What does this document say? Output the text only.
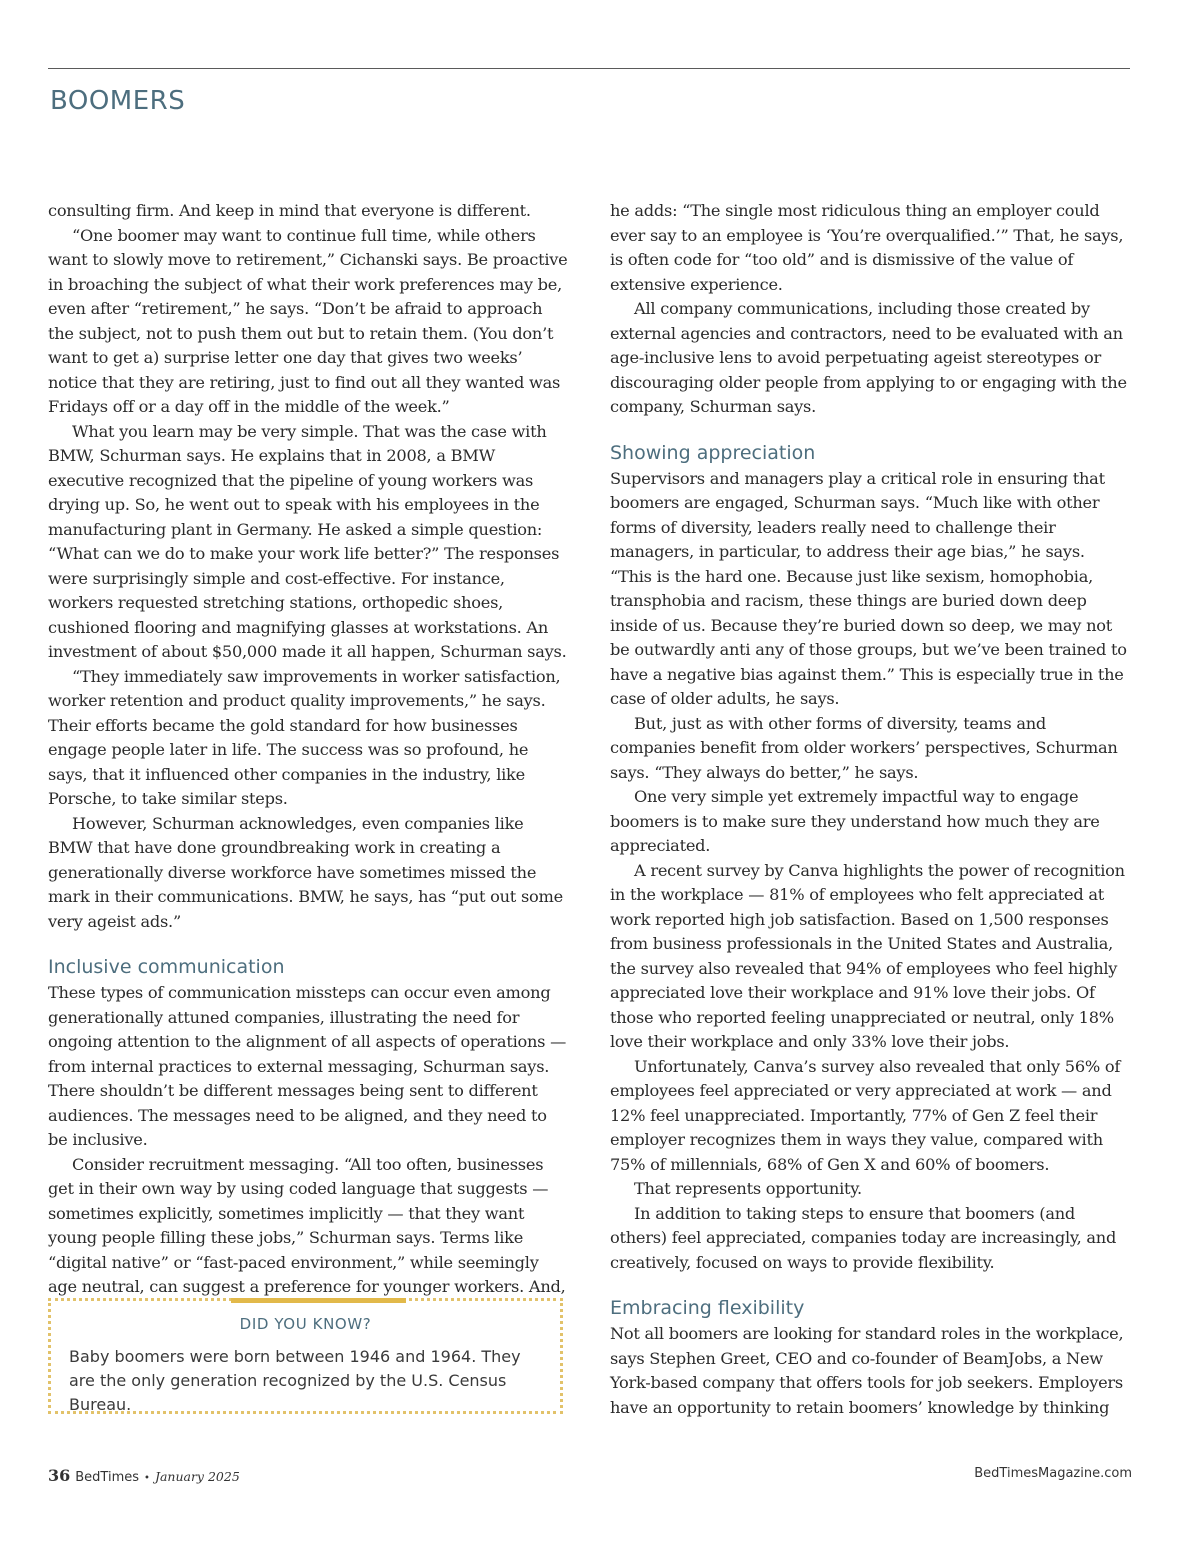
BOOMERS

consulting firm. And keep in mind that everyone is different.

“One boomer may want to continue full time, while others want to slowly move to retirement,” Cichanski says. Be proactive in broaching the subject of what their work preferences may be, even after “retirement,” he says. “Don’t be afraid to approach the subject, not to push them out but to retain them. (You don’t want to get a) surprise letter one day that gives two weeks’ notice that they are retiring, just to find out all they wanted was Fridays off or a day off in the middle of the week.”

What you learn may be very simple. That was the case with BMW, Schurman says. He explains that in 2008, a BMW executive recognized that the pipeline of young workers was drying up. So, he went out to speak with his employees in the manufacturing plant in Germany. He asked a simple question: “What can we do to make your work life better?” The responses were surprisingly simple and cost-effective. For instance, workers requested stretching stations, orthopedic shoes, cushioned flooring and magnifying glasses at workstations. An investment of about $50,000 made it all happen, Schurman says.

“They immediately saw improvements in worker satisfaction, worker retention and product quality improvements,” he says. Their efforts became the gold standard for how businesses engage people later in life. The success was so profound, he says, that it influenced other companies in the industry, like Porsche, to take similar steps.

However, Schurman acknowledges, even companies like BMW that have done groundbreaking work in creating a generationally diverse workforce have sometimes missed the mark in their communications. BMW, he says, has “put out some very ageist ads.”

Inclusive communication

These types of communication missteps can occur even among generationally attuned companies, illustrating the need for ongoing attention to the alignment of all aspects of operations — from internal practices to external messaging, Schurman says. There shouldn’t be different messages being sent to different audiences. The messages need to be aligned, and they need to be inclusive.

Consider recruitment messaging. “All too often, businesses get in their own way by using coded language that suggests — sometimes explicitly, sometimes implicitly — that they want young people filling these jobs,” Schurman says. Terms like “digital native” or “fast-paced environment,” while seemingly age neutral, can suggest a preference for younger workers. And,

he adds: “The single most ridiculous thing an employer could ever say to an employee is ‘You’re overqualified.’” That, he says, is often code for “too old” and is dismissive of the value of extensive experience.

All company communications, including those created by external agencies and contractors, need to be evaluated with an age-inclusive lens to avoid perpetuating ageist stereotypes or discouraging older people from applying to or engaging with the company, Schurman says.

Showing appreciation

Supervisors and managers play a critical role in ensuring that boomers are engaged, Schurman says. “Much like with other forms of diversity, leaders really need to challenge their managers, in particular, to address their age bias,” he says. “This is the hard one. Because just like sexism, homophobia, transphobia and racism, these things are buried down deep inside of us. Because they’re buried down so deep, we may not be outwardly anti any of those groups, but we’ve been trained to have a negative bias against them.” This is especially true in the case of older adults, he says.

But, just as with other forms of diversity, teams and companies benefit from older workers’ perspectives, Schurman says. “They always do better,” he says.

One very simple yet extremely impactful way to engage boomers is to make sure they understand how much they are appreciated.

A recent survey by Canva highlights the power of recognition in the workplace — 81% of employees who felt appreciated at work reported high job satisfaction. Based on 1,500 responses from business professionals in the United States and Australia, the survey also revealed that 94% of employees who feel highly appreciated love their workplace and 91% love their jobs. Of those who reported feeling unappreciated or neutral, only 18% love their workplace and only 33% love their jobs.

Unfortunately, Canva’s survey also revealed that only 56% of employees feel appreciated or very appreciated at work — and 12% feel unappreciated. Importantly, 77% of Gen Z feel their employer recognizes them in ways they value, compared with 75% of millennials, 68% of Gen X and 60% of boomers.

That represents opportunity.

In addition to taking steps to ensure that boomers (and others) feel appreciated, companies today are increasingly, and creatively, focused on ways to provide flexibility.

Embracing flexibility

Not all boomers are looking for standard roles in the workplace, says Stephen Greet, CEO and co-founder of BeamJobs, a New York-based company that offers tools for job seekers. Employers have an opportunity to retain boomers’ knowledge by thinking

DID YOU KNOW?
Baby boomers were born between 1946 and 1964. They are the only generation recognized by the U.S. Census Bureau.
36 BedTimes • January 2025	BedTimesMagazine.com
